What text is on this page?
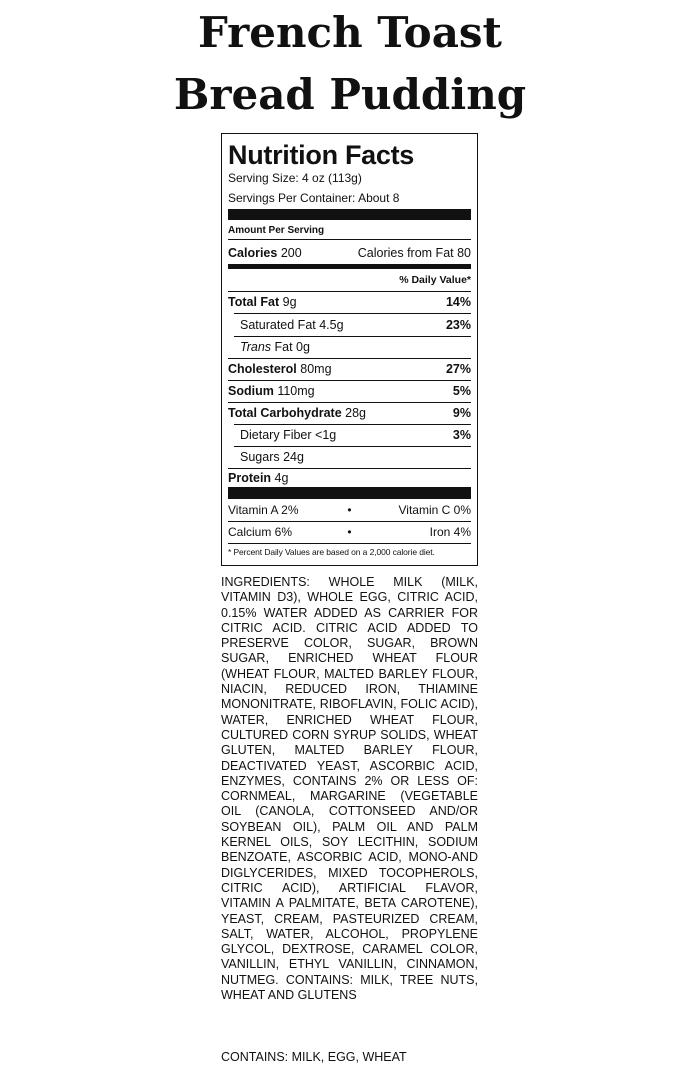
French Toast
Bread Pudding
Nutrition Facts
Serving Size: 4 oz (113g)
Servings Per Container: About 8
Amount Per Serving
Calories 200	Calories from Fat 80
% Daily Value*
Total Fat 9g	14%
Saturated Fat 4.5g	23%
Trans Fat 0g
Cholesterol 80mg	27%
Sodium 110mg	5%
Total Carbohydrate 28g	9%
Dietary Fiber <1g	3%
Sugars 24g
Protein 4g
Vitamin A 2%	•	Vitamin C 0%
Calcium 6%	•	Iron 4%
* Percent Daily Values are based on a 2,000 calorie diet.
INGREDIENTS: WHOLE MILK (MILK, VITAMIN D3), WHOLE EGG, CITRIC ACID, 0.15% WATER ADDED AS CARRIER FOR CITRIC ACID. CITRIC ACID ADDED TO PRESERVE COLOR, SUGAR, BROWN SUGAR, ENRICHED WHEAT FLOUR (WHEAT FLOUR, MALTED BARLEY FLOUR, NIACIN, REDUCED IRON, THIAMINE MONONITRATE, RIBOFLAVIN, FOLIC ACID), WATER, ENRICHED WHEAT FLOUR, CULTURED CORN SYRUP SOLIDS, WHEAT GLUTEN, MALTED BARLEY FLOUR, DEACTIVATED YEAST, ASCORBIC ACID, ENZYMES, CONTAINS 2% OR LESS OF: CORNMEAL, MARGARINE (VEGETABLE OIL (CANOLA, COTTONSEED AND/OR SOYBEAN OIL), PALM OIL AND PALM KERNEL OILS, SOY LECITHIN, SODIUM BENZOATE, ASCORBIC ACID, MONO-AND DIGLYCERIDES, MIXED TOCOPHEROLS, CITRIC ACID), ARTIFICIAL FLAVOR, VITAMIN A PALMITATE, BETA CAROTENE), YEAST, CREAM, PASTEURIZED CREAM, SALT, WATER, ALCOHOL, PROPYLENE GLYCOL, DEXTROSE, CARAMEL COLOR, VANILLIN, ETHYL VANILLIN, CINNAMON, NUTMEG. CONTAINS: MILK, TREE NUTS, WHEAT AND GLUTENS
CONTAINS: MILK, EGG, WHEAT
